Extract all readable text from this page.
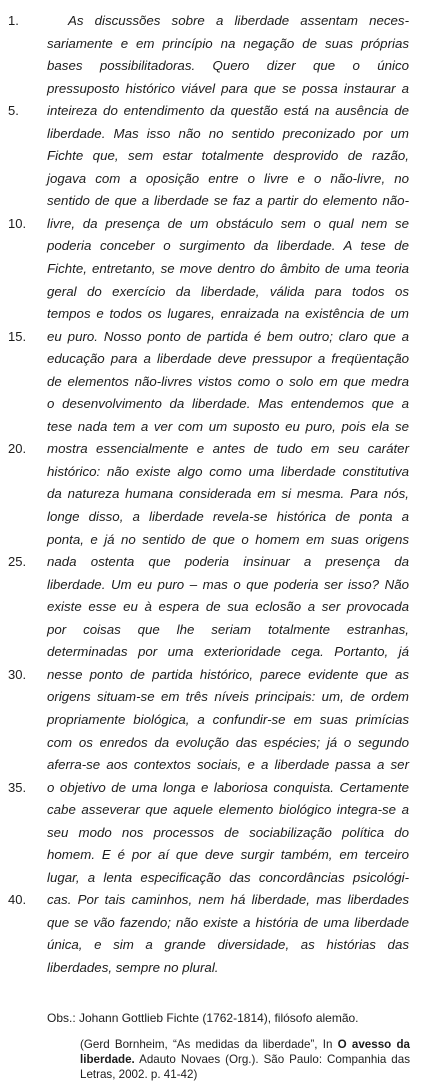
1.	As discussões sobre a liberdade assentam neces-
sariamente e em princípio na negação de suas próprias
bases possibilitadoras. Quero dizer que o único
pressuposto histórico viável para que se possa instaurar a
5. inteireza do entendimento da questão está na ausência de
liberdade. Mas isso não no sentido preconizado por um
Fichte que, sem estar totalmente desprovido de razão,
jogava com a oposição entre o livre e o não-livre, no
sentido de que a liberdade se faz a partir do elemento não-
10. livre, da presença de um obstáculo sem o qual nem se
poderia conceber o surgimento da liberdade. A tese de
Fichte, entretanto, se move dentro do âmbito de uma teoria
geral do exercício da liberdade, válida para todos os
tempos e todos os lugares, enraizada na existência de um
15. eu puro. Nosso ponto de partida é bem outro; claro que a
educação para a liberdade deve pressupor a freqüentação
de elementos não-livres vistos como o solo em que medra
o desenvolvimento da liberdade. Mas entendemos que a
tese nada tem a ver com um suposto eu puro, pois ela se
20. mostra essencialmente e antes de tudo em seu caráter
histórico: não existe algo como uma liberdade constitutiva
da natureza humana considerada em si mesma. Para nós,
longe disso, a liberdade revela-se histórica de ponta a
ponta, e já no sentido de que o homem em suas origens
25. nada ostenta que poderia insinuar a presença da
liberdade. Um eu puro – mas o que poderia ser isso? Não
existe esse eu à espera de sua eclosão a ser provocada
por coisas que lhe seriam totalmente estranhas,
determinadas por uma exterioridade cega. Portanto, já
30. nesse ponto de partida histórico, parece evidente que as
origens situam-se em três níveis principais: um, de ordem
propriamente biológica, a confundir-se em suas primícias
com os enredos da evolução das espécies; já o segundo
aferra-se aos contextos sociais, e a liberdade passa a ser
35. o objetivo de uma longa e laboriosa conquista. Certamente
cabe asseverar que aquele elemento biológico integra-se a
seu modo nos processos de sociabilização política do
homem. E é por aí que deve surgir também, em terceiro
lugar, a lenta especificação das concordâncias psicológi-
40. cas. Por tais caminhos, nem há liberdade, mas liberdades
que se vão fazendo; não existe a história de uma liberdade
única, e sim a grande diversidade, as histórias das
liberdades, sempre no plural.
Obs.: Johann Gottlieb Fichte (1762-1814), filósofo alemão.
(Gerd Bornheim, “As medidas da liberdade”, In O avesso da liberdade. Adauto Novaes (Org.). São Paulo: Companhia das Letras, 2002. p. 41-42)
